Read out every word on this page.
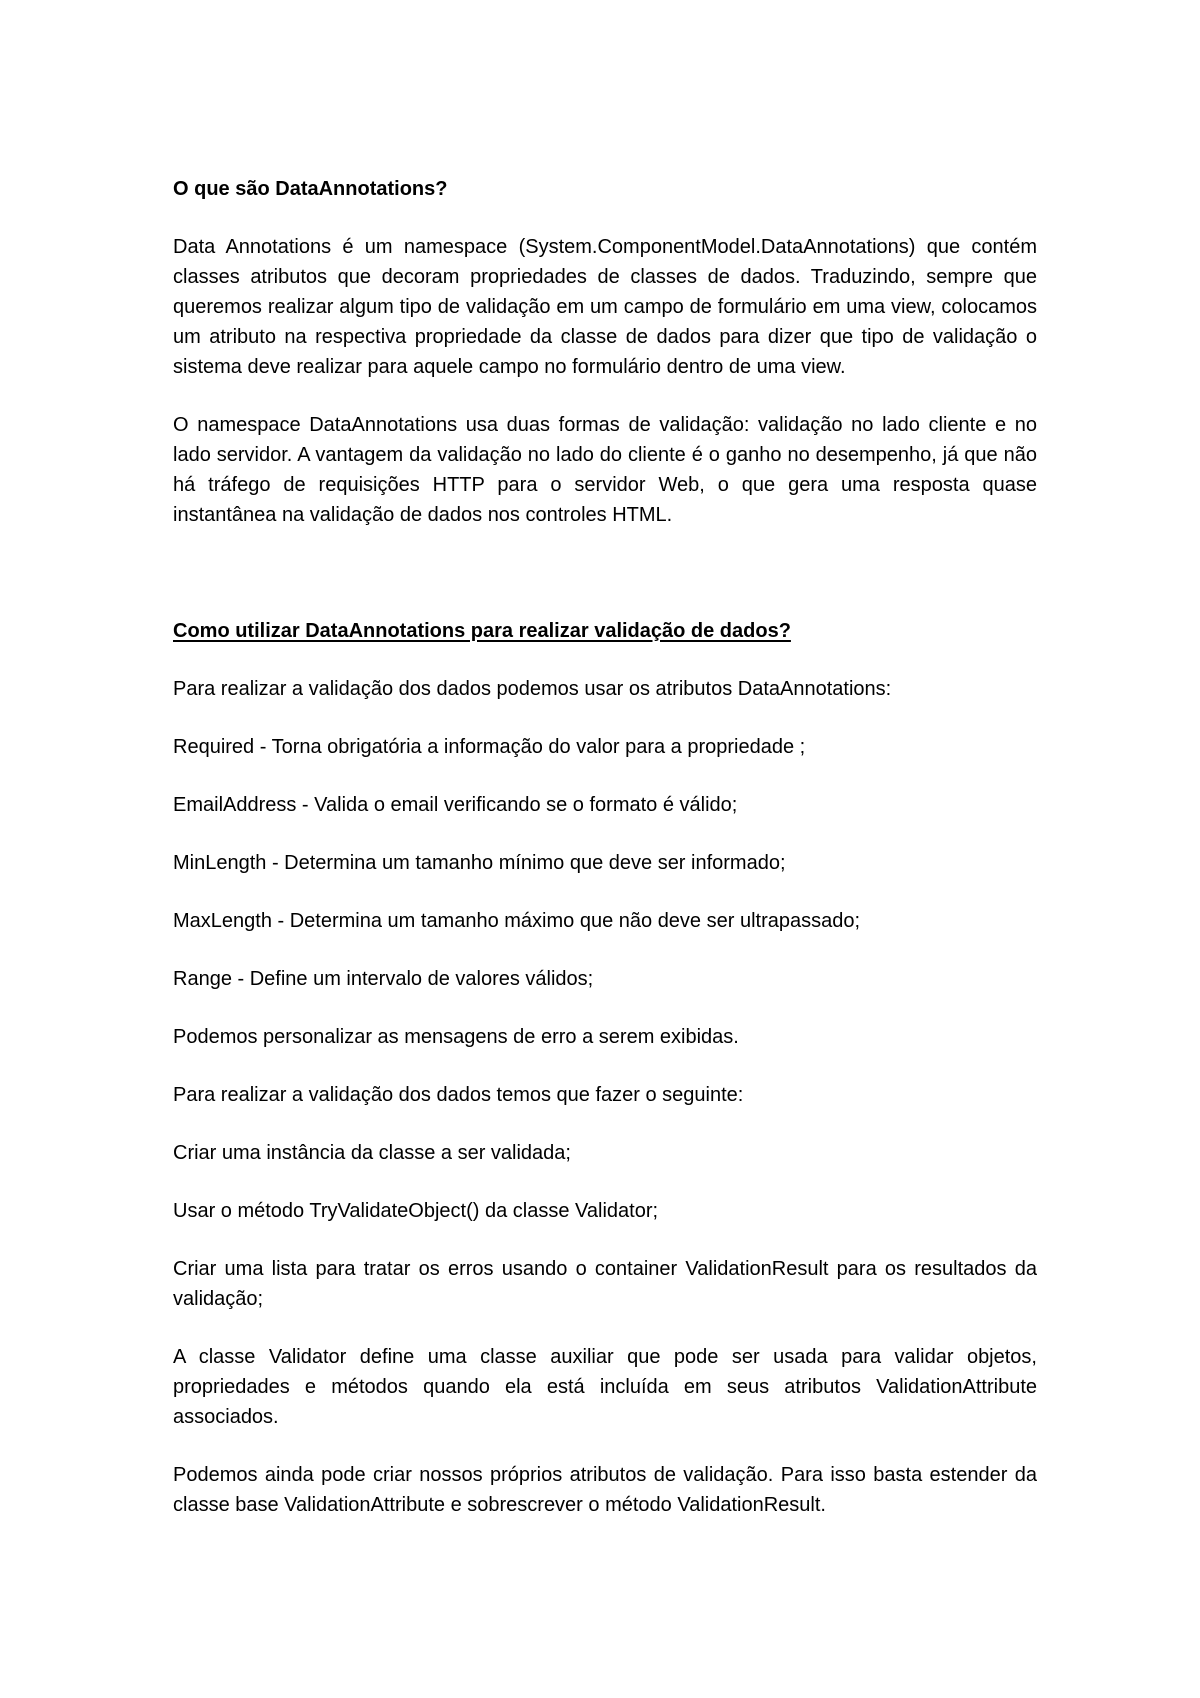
O que são DataAnnotations?

Data Annotations é um namespace (System.ComponentModel.DataAnnotations) que contém classes atributos que decoram propriedades de classes de dados. Traduzindo, sempre que queremos realizar algum tipo de validação em um campo de formulário em uma view, colocamos um atributo na respectiva propriedade da classe de dados para dizer que tipo de validação o sistema deve realizar para aquele campo no formulário dentro de uma view.

O namespace DataAnnotations usa duas formas de validação: validação no lado cliente e no lado servidor. A vantagem da validação no lado do cliente é o ganho no desempenho, já que não há tráfego de requisições HTTP para o servidor Web, o que gera uma resposta quase instantânea na validação de dados nos controles HTML.

Como utilizar DataAnnotations para realizar validação de dados?

Para realizar a validação dos dados podemos usar os atributos DataAnnotations:

Required - Torna obrigatória a informação do valor para a propriedade ;

EmailAddress - Valida o email verificando se o formato é válido;

MinLength - Determina um tamanho mínimo que deve ser informado;

MaxLength - Determina um tamanho máximo que não deve ser ultrapassado;

Range - Define um intervalo de valores válidos;

Podemos personalizar as mensagens de erro a serem exibidas.

Para realizar a validação dos dados temos que fazer o seguinte:

Criar uma instância da classe a ser validada;

Usar o método TryValidateObject() da classe Validator;

Criar uma lista para tratar os erros usando o container ValidationResult para os resultados da validação;

A classe Validator define uma classe auxiliar que pode ser usada para validar objetos, propriedades e métodos quando ela está incluída em seus atributos ValidationAttribute associados.

Podemos ainda pode criar nossos próprios atributos de validação. Para isso basta estender da classe base ValidationAttribute e sobrescrever o método ValidationResult.
